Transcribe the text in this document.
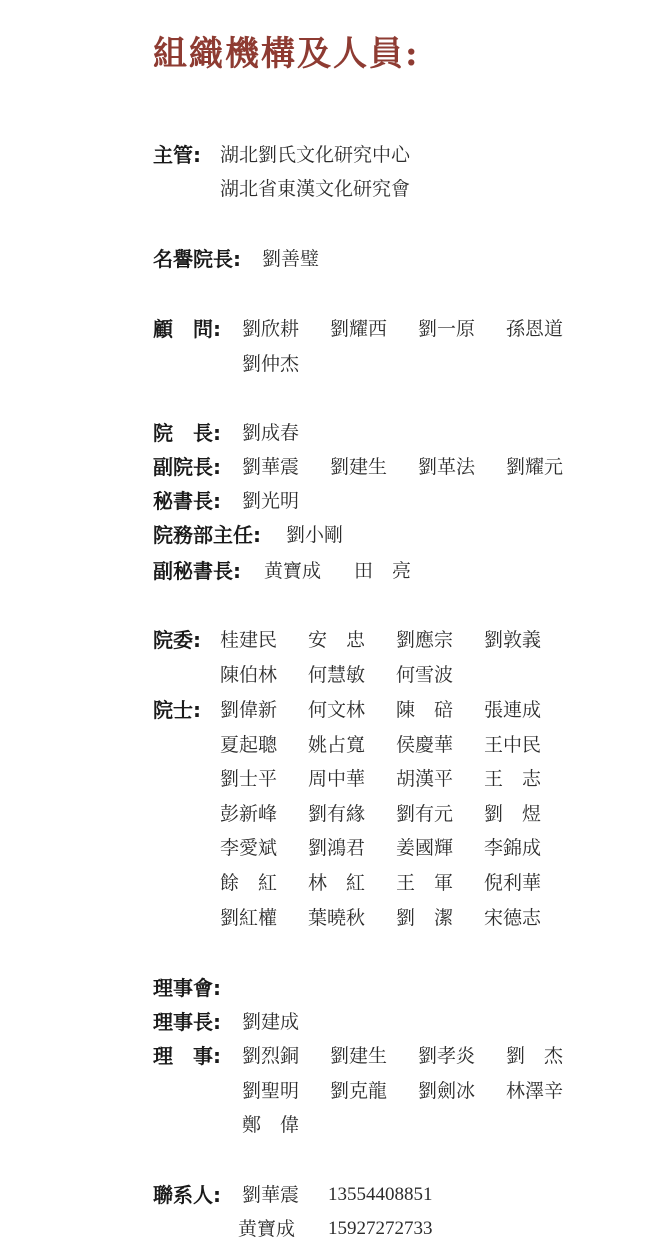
組織機構及人員:
主管: 湖北劉氏文化研究中心
湖北省東漢文化研究會
名譽院長: 劉善璧
顧　問: 劉欣耕 劉耀西 劉一原 孫恩道
劉仲杰
院　長: 劉成春
副院長: 劉華震 劉建生 劉革法 劉耀元
秘書長: 劉光明
院務部主任: 劉小剛
副秘書長: 黄寶成 田　亮
院委: 桂建民 安　忠 劉應宗 劉敦義
陳伯林 何慧敏 何雪波
院士: 劉偉新 何文林 陳　碚 張連成
夏起聰 姚占寬 侯慶華 王中民
劉士平 周中華 胡漢平 王　志
彭新峰 劉有緣 劉有元 劉　煜
李愛斌 劉鴻君 姜國輝 李錦成
餘　紅 林　紅 王　軍 倪利華
劉紅權 葉曉秋 劉　潔 宋德志
理事會:
理事長: 劉建成
理　事: 劉烈銅 劉建生 劉孝炎 劉　杰
劉聖明 劉克龍 劉劍冰 林澤辛
鄭　偉
聯系人: 劉華震 13554408851
黄寶成 15927272733
